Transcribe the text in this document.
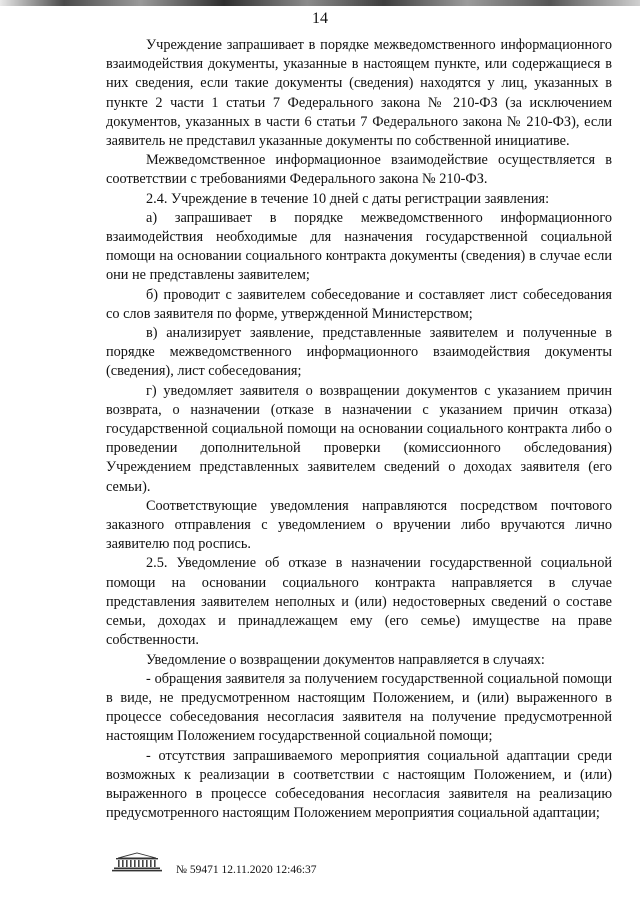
14

Учреждение запрашивает в порядке межведомственного информационного взаимодействия документы, указанные в настоящем пункте, или содержащиеся в них сведения, если такие документы (сведения) находятся у лиц, указанных в пункте 2 части 1 статьи 7 Федерального закона № 210-ФЗ (за исключением документов, указанных в части 6 статьи 7 Федерального закона № 210-ФЗ), если заявитель не представил указанные документы по собственной инициативе.

Межведомственное информационное взаимодействие осуществляется в соответствии с требованиями Федерального закона № 210-ФЗ.

2.4. Учреждение в течение 10 дней с даты регистрации заявления:

а) запрашивает в порядке межведомственного информационного взаимодействия необходимые для назначения государственной социальной помощи на основании социального контракта документы (сведения) в случае если они не представлены заявителем;

б) проводит с заявителем собеседование и составляет лист собеседования со слов заявителя по форме, утвержденной Министерством;

в) анализирует заявление, представленные заявителем и полученные в порядке межведомственного информационного взаимодействия документы (сведения), лист собеседования;

г) уведомляет заявителя о возвращении документов с указанием причин возврата, о назначении (отказе в назначении с указанием причин отказа) государственной социальной помощи на основании социального контракта либо о проведении дополнительной проверки (комиссионного обследования) Учреждением представленных заявителем сведений о доходах заявителя (его семьи).

Соответствующие уведомления направляются посредством почтового заказного отправления с уведомлением о вручении либо вручаются лично заявителю под роспись.

2.5. Уведомление об отказе в назначении государственной социальной помощи на основании социального контракта направляется в случае представления заявителем неполных и (или) недостоверных сведений о составе семьи, доходах и принадлежащем ему (его семье) имуществе на праве собственности.

Уведомление о возвращении документов направляется в случаях:

- обращения заявителя за получением государственной социальной помощи в виде, не предусмотренном настоящим Положением, и (или) выраженного в процессе собеседования несогласия заявителя на получение предусмотренной настоящим Положением государственной социальной помощи;

- отсутствия запрашиваемого мероприятия социальной адаптации среди возможных к реализации в соответствии с настоящим Положением, и (или) выраженного в процессе собеседования несогласия заявителя на реализацию предусмотренного настоящим Положением мероприятия социальной адаптации;

№ 59471 12.11.2020 12:46:37
